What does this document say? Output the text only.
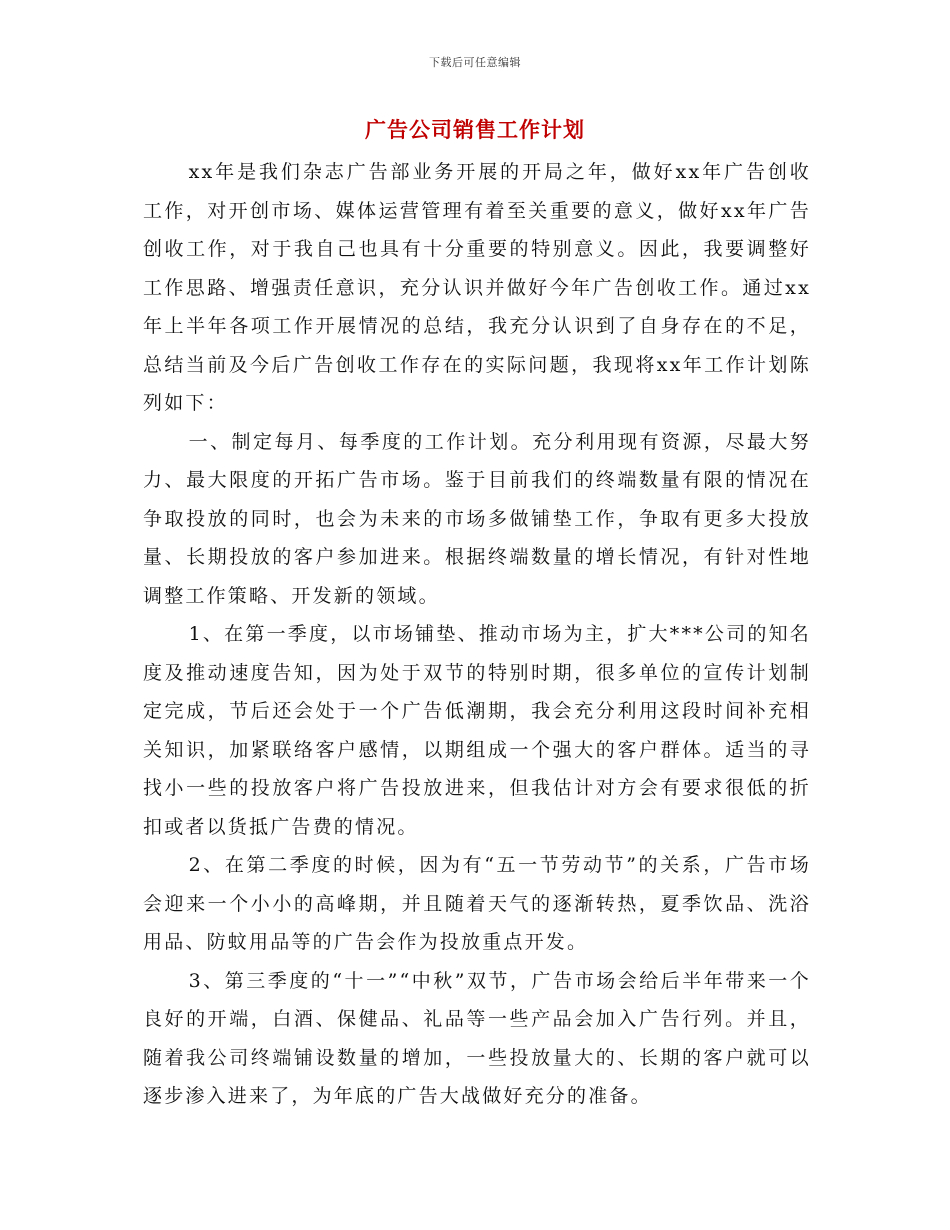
下载后可任意编辑
广告公司销售工作计划

xx年是我们杂志广告部业务开展的开局之年，做好xx年广告创收工作，对开创市场、媒体运营管理有着至关重要的意义，做好xx年广告创收工作，对于我自己也具有十分重要的特别意义。因此，我要调整好工作思路、增强责任意识，充分认识并做好今年广告创收工作。通过xx年上半年各项工作开展情况的总结，我充分认识到了自身存在的不足，总结当前及今后广告创收工作存在的实际问题，我现将xx年工作计划陈列如下：

一、制定每月、每季度的工作计划。充分利用现有资源，尽最大努力、最大限度的开拓广告市场。鉴于目前我们的终端数量有限的情况在争取投放的同时，也会为未来的市场多做铺垫工作，争取有更多大投放量、长期投放的客户参加进来。根据终端数量的增长情况，有针对性地调整工作策略、开发新的领域。

1、在第一季度，以市场铺垫、推动市场为主，扩大***公司的知名度及推动速度告知，因为处于双节的特别时期，很多单位的宣传计划制定完成，节后还会处于一个广告低潮期，我会充分利用这段时间补充相关知识，加紧联络客户感情，以期组成一个强大的客户群体。适当的寻找小一些的投放客户将广告投放进来，但我估计对方会有要求很低的折扣或者以货抵广告费的情况。

2、在第二季度的时候，因为有“五一节劳动节”的关系，广告市场会迎来一个小小的高峰期，并且随着天气的逐渐转热，夏季饮品、洗浴用品、防蚊用品等的广告会作为投放重点开发。

3、第三季度的“十一”“中秋”双节，广告市场会给后半年带来一个良好的开端，白酒、保健品、礼品等一些产品会加入广告行列。并且，随着我公司终端铺设数量的增加，一些投放量大的、长期的客户就可以逐步渗入进来了，为年底的广告大战做好充分的准备。
